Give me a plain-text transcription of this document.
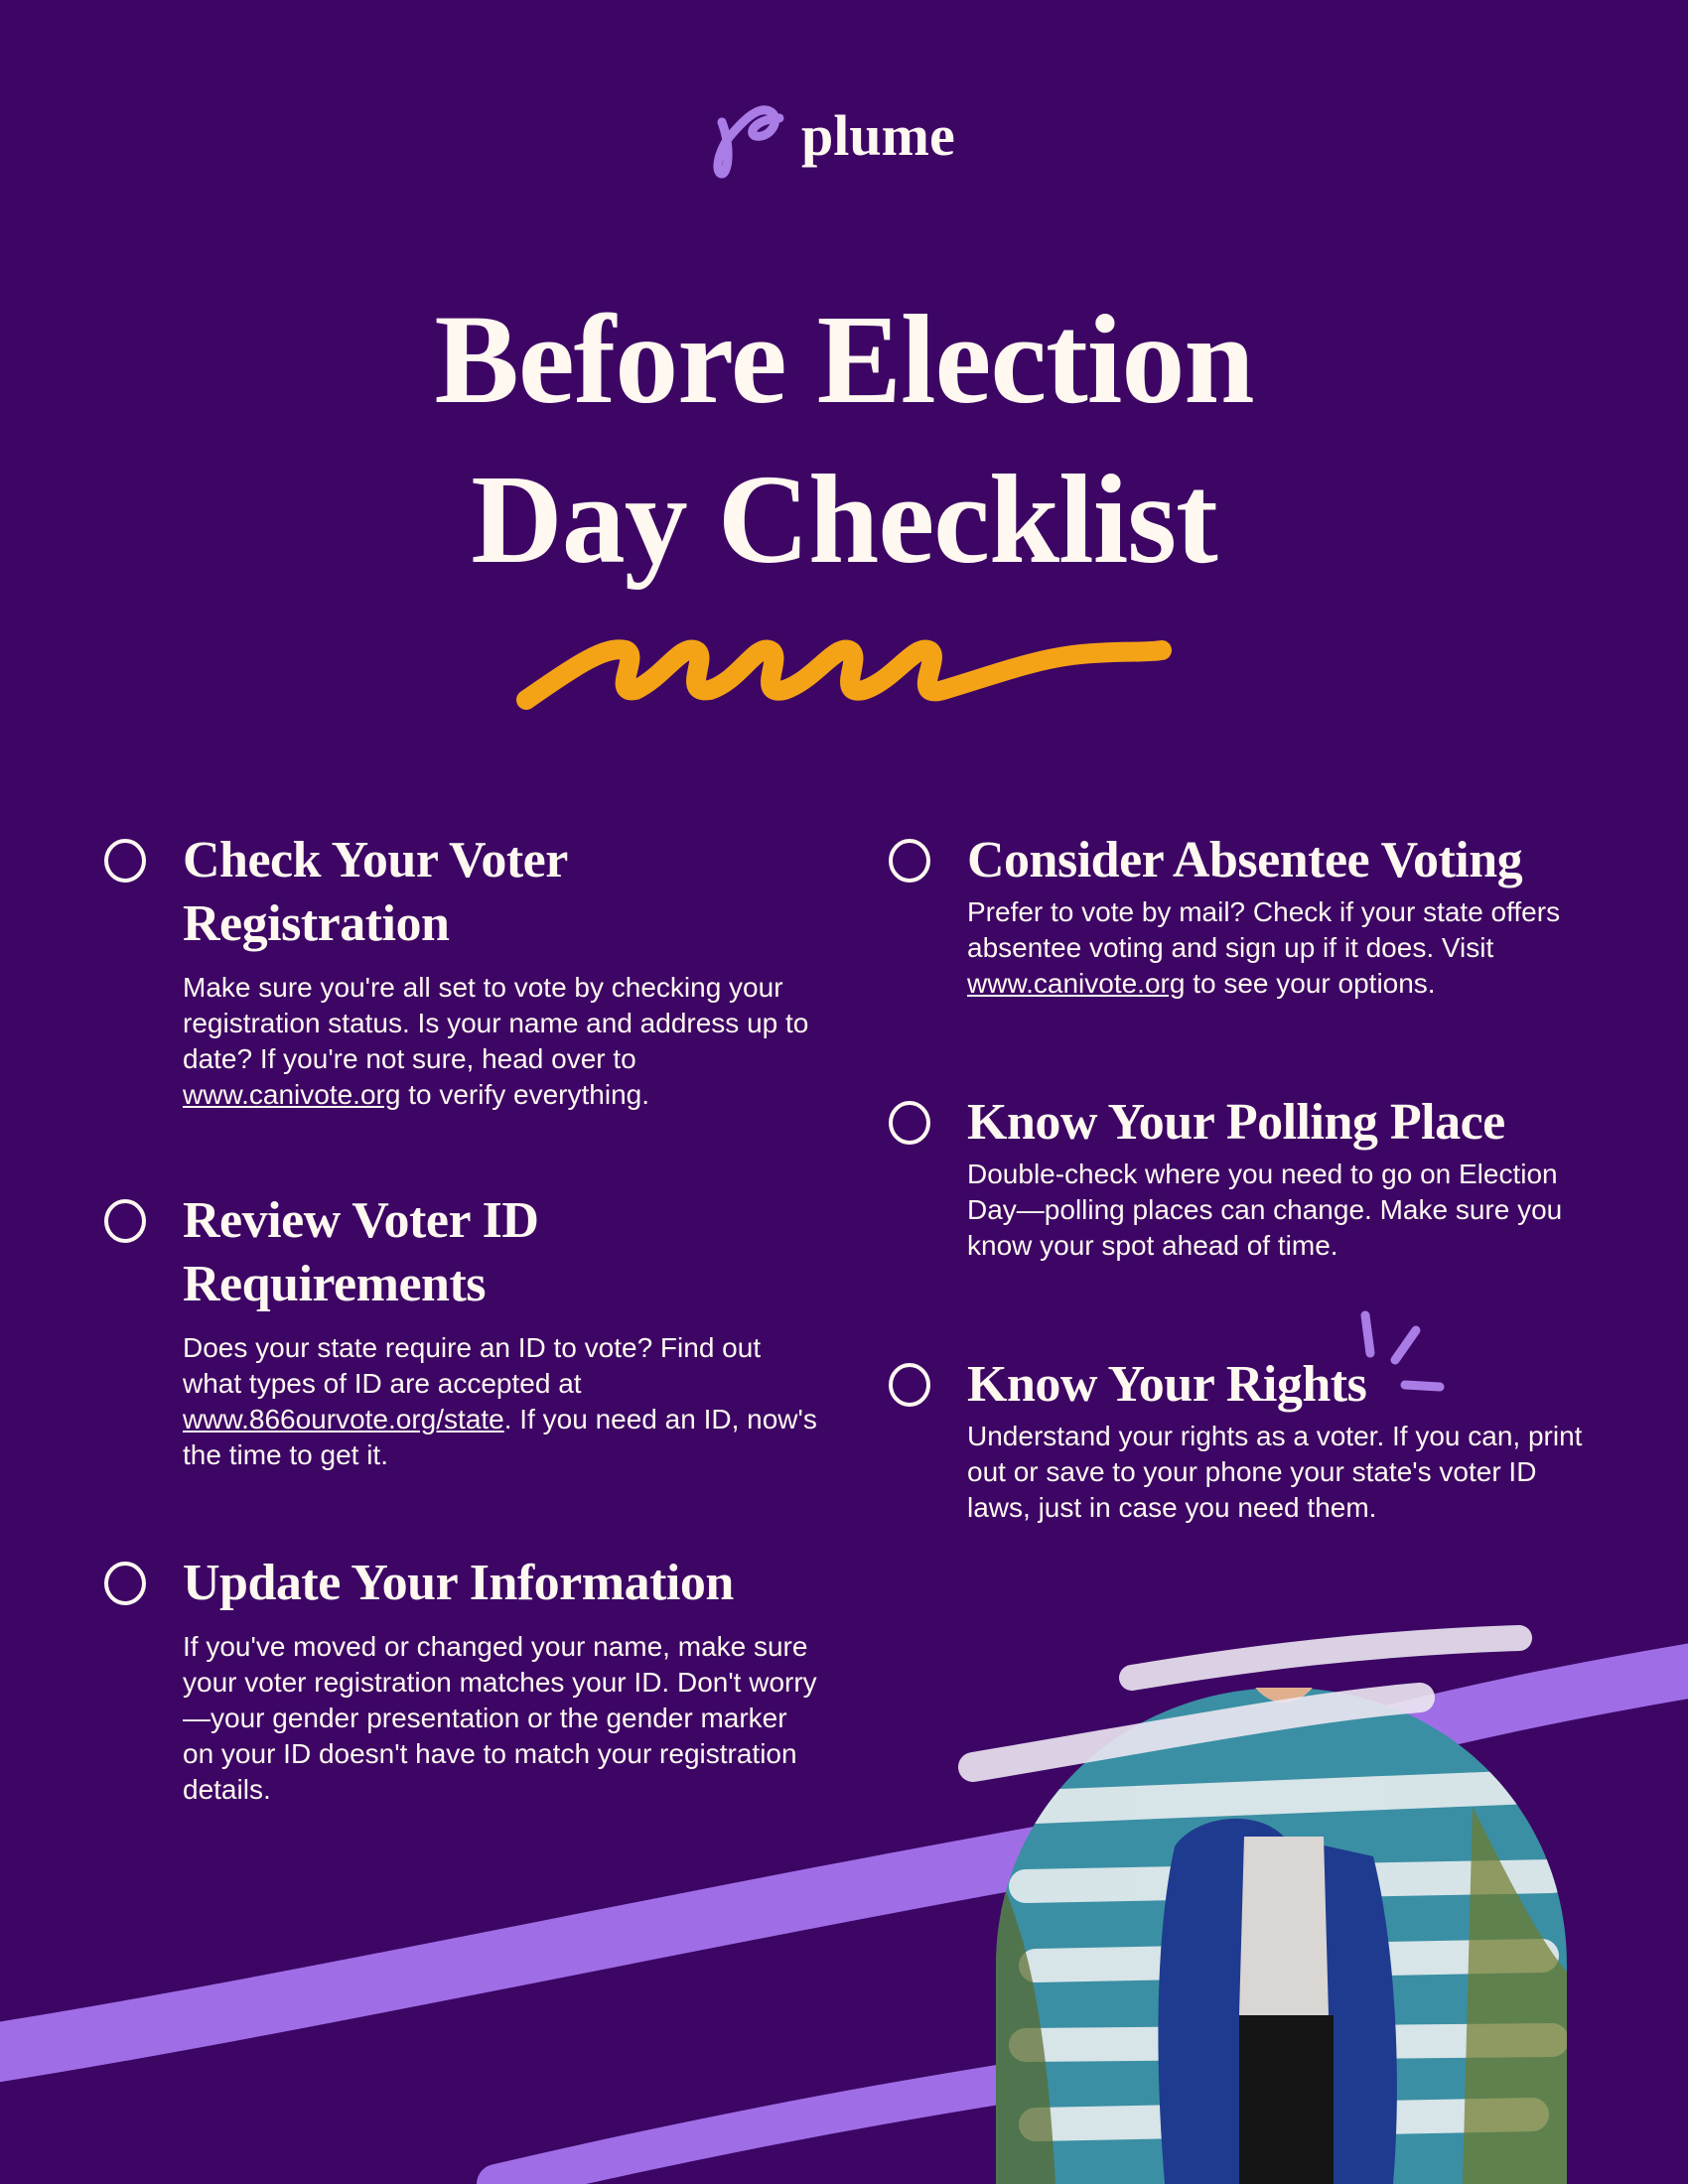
plume
Before Election
Day Checklist
Check Your Voter Registration

Make sure you're all set to vote by checking your registration status. Is your name and address up to date? If you're not sure, head over to www.canivote.org to verify everything.

Review Voter ID Requirements

Does your state require an ID to vote? Find out what types of ID are accepted at www.866ourvote.org/state. If you need an ID, now's the time to get it.

Update Your Information

If you've moved or changed your name, make sure your voter registration matches your ID. Don't worry—your gender presentation or the gender marker on your ID doesn't have to match your registration details.

Consider Absentee Voting

Prefer to vote by mail? Check if your state offers absentee voting and sign up if it does. Visit www.canivote.org to see your options.

Know Your Polling Place

Double-check where you need to go on Election Day—polling places can change. Make sure you know your spot ahead of time.

Know Your Rights

Understand your rights as a voter. If you can, print out or save to your phone your state's voter ID laws, just in case you need them.
